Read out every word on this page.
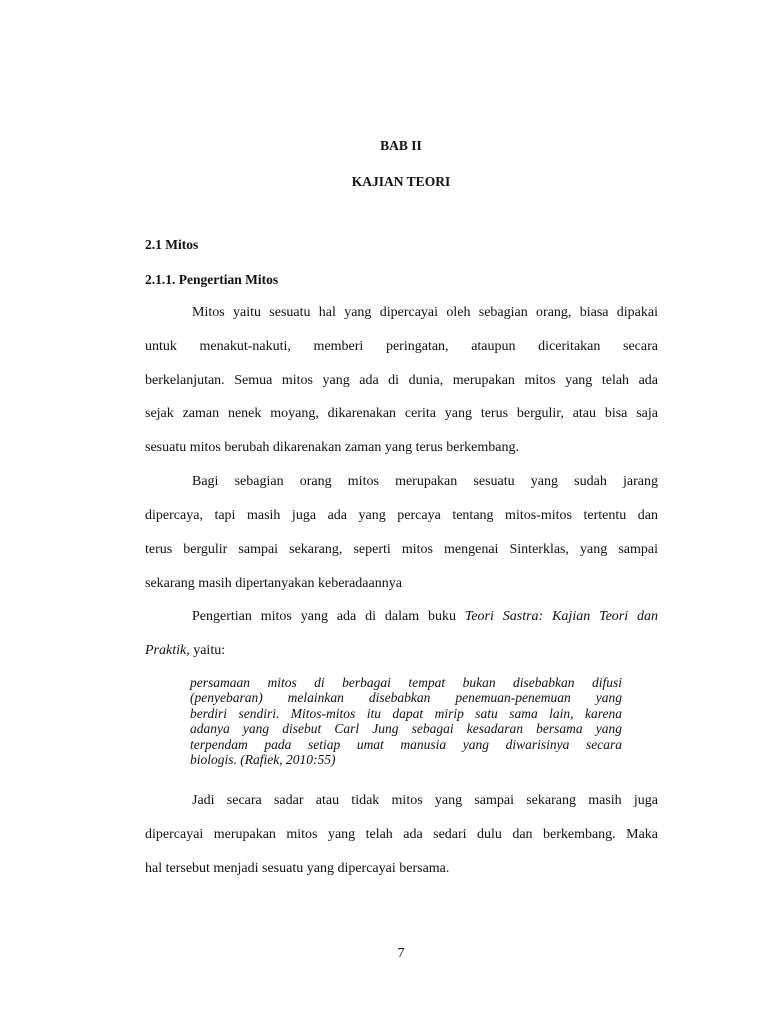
BAB II

KAJIAN TEORI

2.1 Mitos

2.1.1. Pengertian Mitos

Mitos yaitu sesuatu hal yang dipercayai oleh sebagian orang, biasa dipakai

untuk menakut-nakuti, memberi peringatan, ataupun diceritakan secara

berkelanjutan. Semua mitos yang ada di dunia, merupakan mitos yang telah ada

sejak zaman nenek moyang, dikarenakan cerita yang terus bergulir, atau bisa saja

sesuatu mitos berubah dikarenakan zaman yang terus berkembang.

Bagi sebagian orang mitos merupakan sesuatu yang sudah jarang

dipercaya, tapi masih juga ada yang percaya tentang mitos-mitos tertentu dan

terus bergulir sampai sekarang, seperti mitos mengenai Sinterklas, yang sampai

sekarang masih dipertanyakan keberadaannya

Pengertian mitos yang ada di dalam buku Teori Sastra: Kajian Teori dan

Praktik, yaitu:

persamaan mitos di berbagai tempat bukan disebabkan difusi

(penyebaran) melainkan disebabkan penemuan-penemuan yang

berdiri sendiri. Mitos-mitos itu dapat mirip satu sama lain, karena

adanya yang disebut Carl Jung sebagai kesadaran bersama yang

terpendam pada setiap umat manusia yang diwarisinya secara

biologis. (Rafiek, 2010:55)

Jadi secara sadar atau tidak mitos yang sampai sekarang masih juga

dipercayai merupakan mitos yang telah ada sedari dulu dan berkembang. Maka

hal tersebut menjadi sesuatu yang dipercayai bersama.

7
